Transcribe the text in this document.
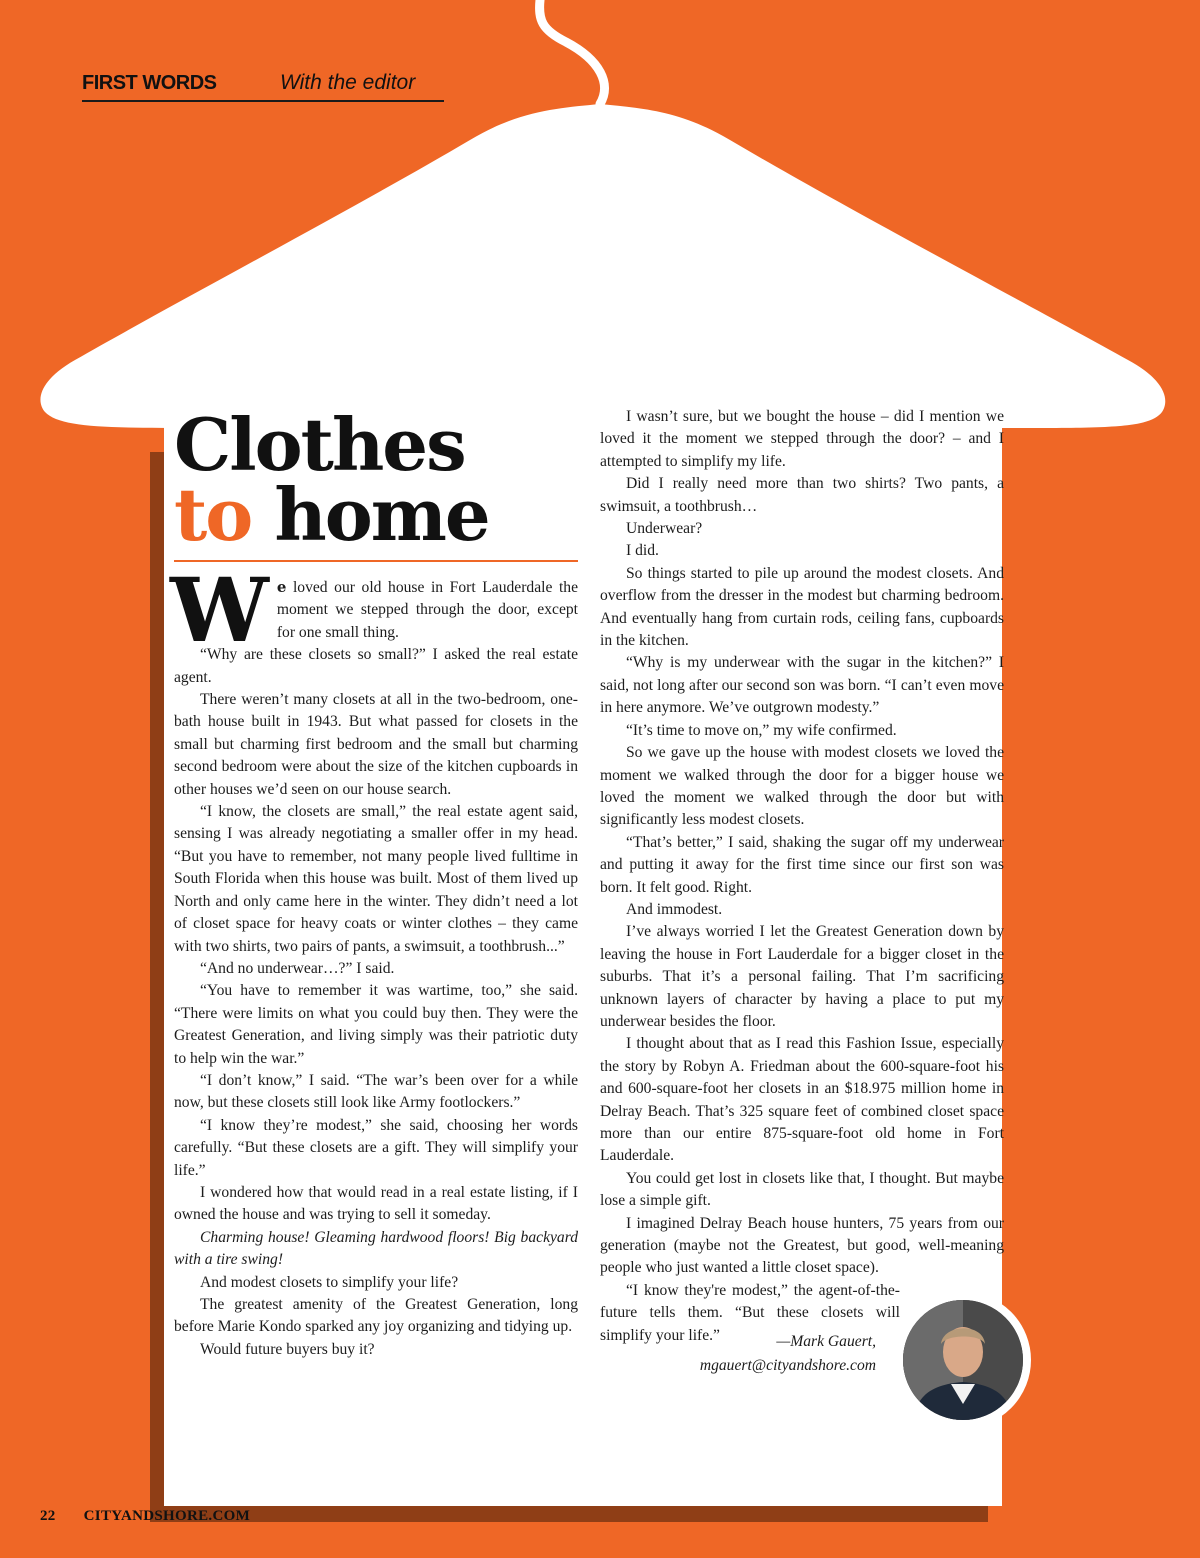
FIRST WORDS	With the editor
Clothes
to home

We loved our old house in Fort Lauderdale the moment we stepped through the door, except for one small thing.

“Why are these closets so small?” I asked the real estate agent.

There weren’t many closets at all in the two-bedroom, one-bath house built in 1943. But what passed for closets in the small but charming first bedroom and the small but charming second bedroom were about the size of the kitchen cupboards in other houses we’d seen on our house search.

“I know, the closets are small,” the real estate agent said, sensing I was already negotiating a smaller offer in my head. “But you have to remember, not many people lived fulltime in South Florida when this house was built. Most of them lived up North and only came here in the winter. They didn’t need a lot of closet space for heavy coats or winter clothes – they came with two shirts, two pairs of pants, a swimsuit, a toothbrush...”

“And no underwear…?” I said.

“You have to remember it was wartime, too,” she said. “There were limits on what you could buy then. They were the Greatest Generation, and living simply was their patriotic duty to help win the war.”

“I don’t know,” I said. “The war’s been over for a while now, but these closets still look like Army footlockers.”

“I know they’re modest,” she said, choosing her words carefully. “But these closets are a gift. They will simplify your life.”

I wondered how that would read in a real estate listing, if I owned the house and was trying to sell it someday.

Charming house! Gleaming hardwood floors! Big backyard with a tire swing!

And modest closets to simplify your life?

The greatest amenity of the Greatest Generation, long before Marie Kondo sparked any joy organizing and tidying up.

Would future buyers buy it?

I wasn’t sure, but we bought the house – did I mention we loved it the moment we stepped through the door? – and I attempted to simplify my life.

Did I really need more than two shirts? Two pants, a swimsuit, a toothbrush…

Underwear?

I did.

So things started to pile up around the modest closets. And overflow from the dresser in the modest but charming bedroom. And eventually hang from curtain rods, ceiling fans, cupboards in the kitchen.

“Why is my underwear with the sugar in the kitchen?” I said, not long after our second son was born. “I can’t even move in here anymore. We’ve outgrown modesty.”

“It’s time to move on,” my wife confirmed.

So we gave up the house with modest closets we loved the moment we walked through the door for a bigger house we loved the moment we walked through the door but with significantly less modest closets.

“That’s better,” I said, shaking the sugar off my underwear and putting it away for the first time since our first son was born. It felt good. Right.

And immodest.

I’ve always worried I let the Greatest Generation down by leaving the house in Fort Lauderdale for a bigger closet in the suburbs. That it’s a personal failing. That I’m sacrificing unknown layers of character by having a place to put my underwear besides the floor.

I thought about that as I read this Fashion Issue, especially the story by Robyn A. Friedman about the 600-square-foot his and 600-square-foot her closets in an $18.975 million home in Delray Beach. That’s 325 square feet of combined closet space more than our entire 875-square-foot old home in Fort Lauderdale.

You could get lost in closets like that, I thought. But maybe lose a simple gift.

I imagined Delray Beach house hunters, 75 years from our generation (maybe not the Greatest, but good, well-meaning people who just wanted a little closet space).

“I know they're modest,” the agent-of-the-future tells them. “But these closets will simplify your life.”	—Mark Gauert,
mgauert@cityandshore.com
22 CITYANDSHORE.COM
